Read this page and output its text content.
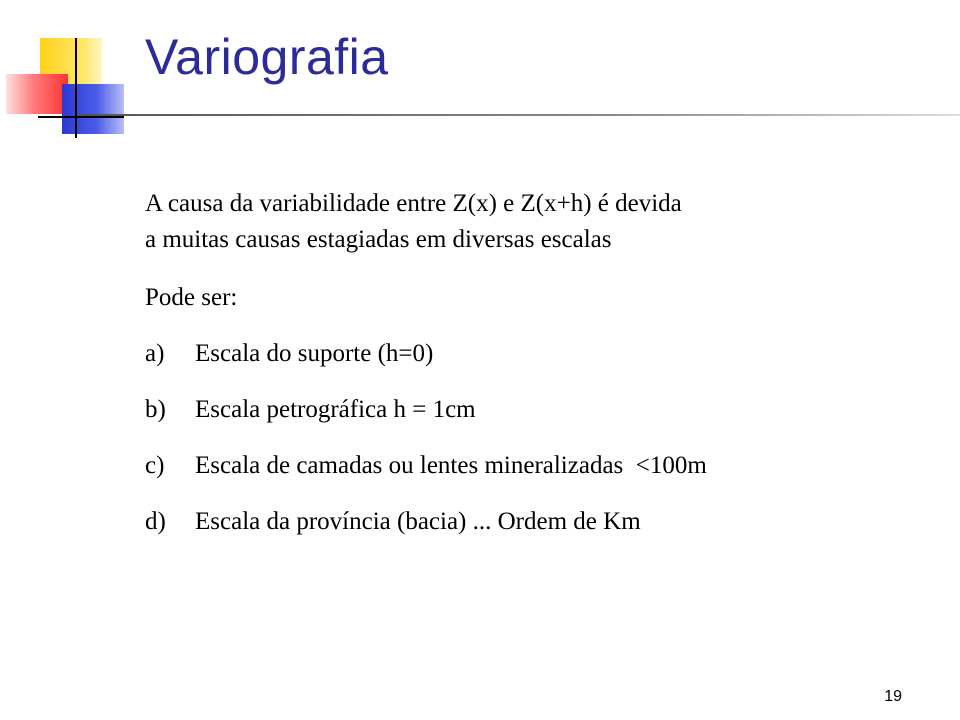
Variografia

A causa da variabilidade entre Z(x) e Z(x+h) é devida
a muitas causas estagiadas em diversas escalas

Pode ser:

a)	Escala do suporte (h=0)
b)	Escala petrográfica h = 1cm
c)	Escala de camadas ou lentes mineralizadas  <100m
d)	Escala da província (bacia) ... Ordem de Km
19
